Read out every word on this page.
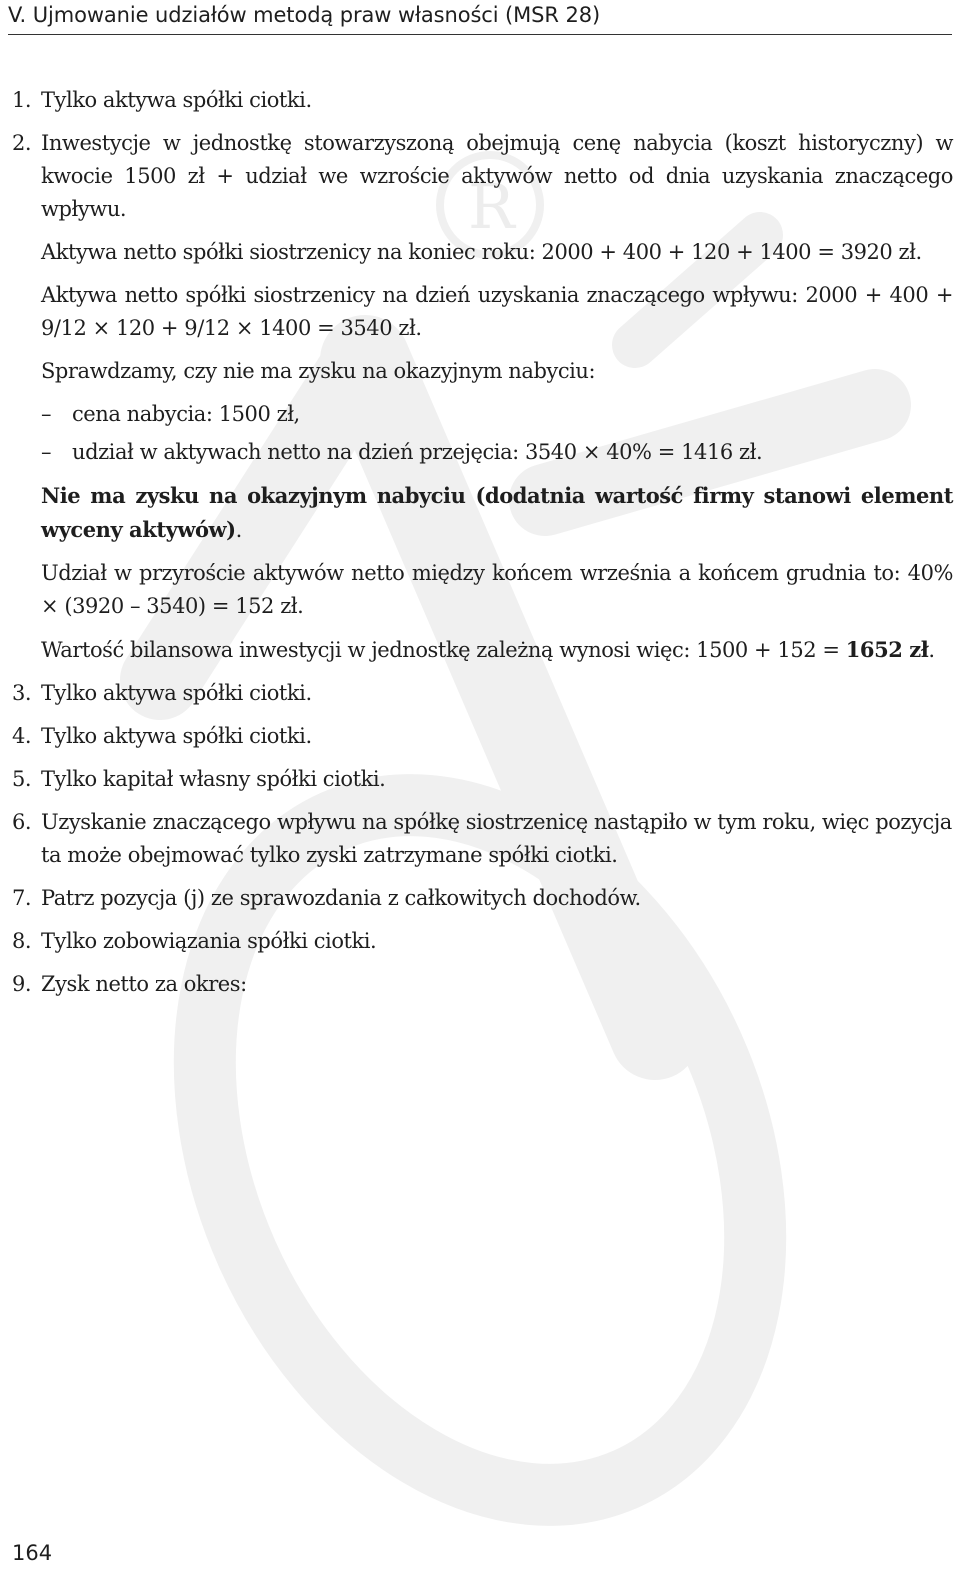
R
V. Ujmowanie udziałów metodą praw własności (MSR 28)
1. Tylko aktywa spółki ciotki.
2. Inwestycje w jednostkę stowarzyszoną obejmują cenę nabycia (koszt historyczny) w kwocie 1500 zł + udział we wzroście aktywów netto od dnia uzyskania znaczącego wpływu.
Aktywa netto spółki siostrzenicy na koniec roku: 2000 + 400 + 120 + 1400 = 3920 zł.
Aktywa netto spółki siostrzenicy na dzień uzyskania znaczącego wpływu: 2000 + 400 + 9/12 × 120 + 9/12 × 1400 = 3540 zł.
Sprawdzamy, czy nie ma zysku na okazyjnym nabyciu:
– cena nabycia: 1500 zł,
– udział w aktywach netto na dzień przejęcia: 3540 × 40% = 1416 zł.
Nie ma zysku na okazyjnym nabyciu (dodatnia wartość firmy stanowi element wyceny aktywów).
Udział w przyroście aktywów netto między końcem września a końcem grudnia to: 40% × (3920 – 3540) = 152 zł.
Wartość bilansowa inwestycji w jednostkę zależną wynosi więc: 1500 + 152 = 1652 zł.
3. Tylko aktywa spółki ciotki.
4. Tylko aktywa spółki ciotki.
5. Tylko kapitał własny spółki ciotki.
6. Uzyskanie znaczącego wpływu na spółkę siostrzenicę nastąpiło w tym roku, więc pozycja ta może obejmować tylko zyski zatrzymane spółki ciotki.
7. Patrz pozycja (j) ze sprawozdania z całkowitych dochodów.
8. Tylko zobowiązania spółki ciotki.
9. Zysk netto za okres:
164
